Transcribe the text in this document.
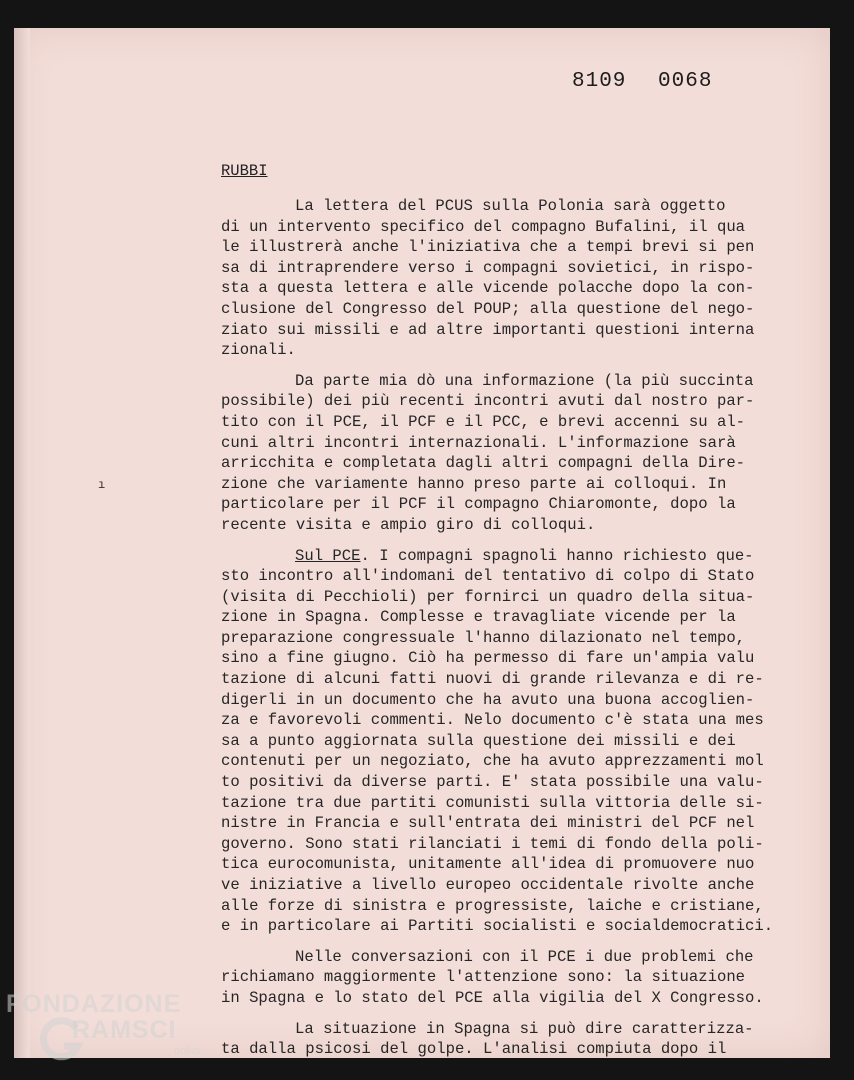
8109 0068
RUBBI
ı

La lettera del PCUS sulla Polonia sarà oggetto
di un intervento specifico del compagno Bufalini, il qua
le illustrerà anche l'iniziativa che a tempi brevi si pen
sa di intraprendere verso i compagni sovietici, in rispo-
sta a questa lettera e alle vicende polacche dopo la con-
clusione del Congresso del POUP; alla questione del nego-
ziato sui missili e ad altre importanti questioni interna
zionali.

Da parte mia dò una informazione (la più succinta
possibile) dei più recenti incontri avuti dal nostro par-
tito con il PCE, il PCF e il PCC, e brevi accenni su al-
cuni altri incontri internazionali. L'informazione sarà
arricchita e completata dagli altri compagni della Dire-
zione che variamente hanno preso parte ai colloqui. In
particolare per il PCF il compagno Chiaromonte, dopo la
recente visita e ampio giro di colloqui.

Sul PCE. I compagni spagnoli hanno richiesto que-
sto incontro all'indomani del tentativo di colpo di Stato
(visita di Pecchioli) per fornirci un quadro della situa-
zione in Spagna. Complesse e travagliate vicende per la
preparazione congressuale l'hanno dilazionato nel tempo,
sino a fine giugno. Ciò ha permesso di fare un'ampia valu
tazione di alcuni fatti nuovi di grande rilevanza e di re-
digerli in un documento che ha avuto una buona accoglien-
za e favorevoli commenti. Nelo documento c'è stata una mes
sa a punto aggiornata sulla questione dei missili e dei
contenuti per un negoziato, che ha avuto apprezzamenti mol
to positivi da diverse parti. E' stata possibile una valu-
tazione tra due partiti comunisti sulla vittoria delle si-
nistre in Francia e sull'entrata dei ministri del PCF nel
governo. Sono stati rilanciati i temi di fondo della poli-
tica eurocomunista, unitamente all'idea di promuovere nuo
ve iniziative a livello europeo occidentale rivolte anche
alle forze di sinistra e progressiste, laiche e cristiane,
e in particolare ai Partiti socialisti e socialdemocratici.

Nelle conversazioni con il PCE i due problemi che
richiamano maggiormente l'attenzione sono: la situazione
in Spagna e lo stato del PCE alla vigilia del X Congresso.

La situazione in Spagna si può dire caratterizza-
ta dalla psicosi del golpe. L'analisi compiuta dopo il

FONDAZIONE
RAMSCI
onlus
